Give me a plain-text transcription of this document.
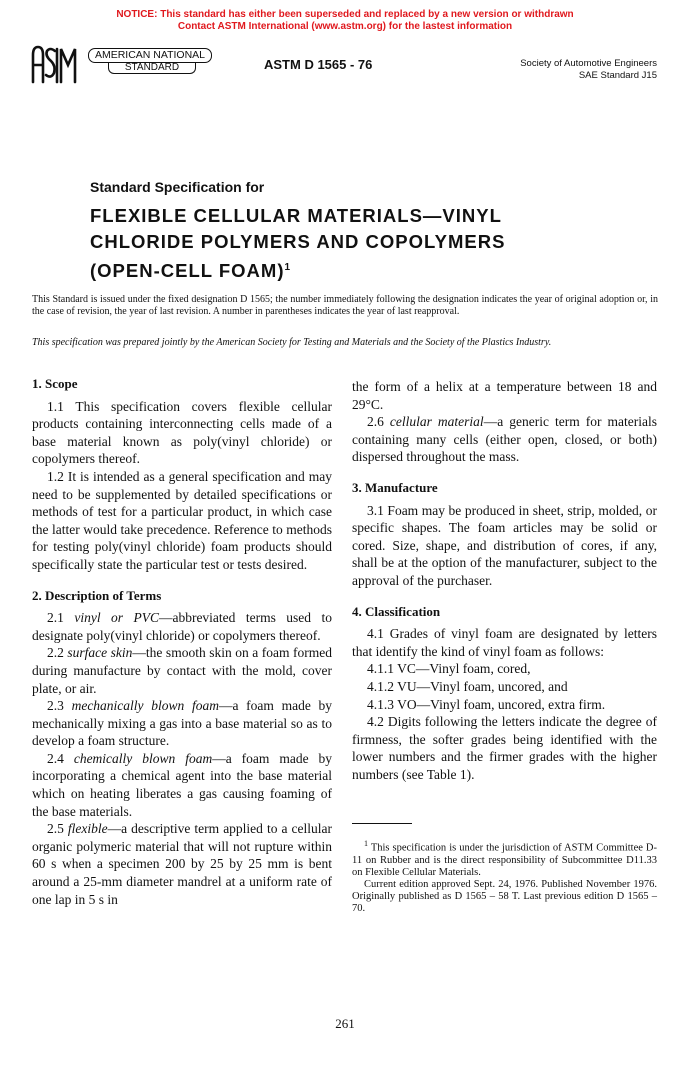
NOTICE: This standard has either been superseded and replaced by a new version or withdrawn
Contact ASTM International (www.astm.org) for the lastest information
AMERICAN NATIONAL
STANDARD	ASTM D 1565 - 76	Society of Automotive Engineers
SAE Standard J15
Standard Specification for
FLEXIBLE CELLULAR MATERIALS—VINYL
CHLORIDE POLYMERS AND COPOLYMERS
(OPEN-CELL FOAM)$^1$
This Standard is issued under the fixed designation D 1565; the number immediately following the designation indicates the year of original adoption or, in the case of revision, the year of last revision. A number in parentheses indicates the year of last reapproval.
This specification was prepared jointly by the American Society for Testing and Materials and the Society of the Plastics Industry.
1. Scope

1.1 This specification covers flexible cellular products containing interconnecting cells made of a base material known as poly(vinyl chloride) or copolymers thereof.

1.2 It is intended as a general specification and may need to be supplemented by detailed specifications or methods of test for a particular product, in which case the latter would take precedence. Reference to methods for testing poly(vinyl chloride) foam products should specifically state the particular test or tests desired.

2. Description of Terms

2.1 vinyl or PVC—abbreviated terms used to designate poly(vinyl chloride) or copolymers thereof.

2.2 surface skin—the smooth skin on a foam formed during manufacture by contact with the mold, cover plate, or air.

2.3 mechanically blown foam—a foam made by mechanically mixing a gas into a base material so as to develop a foam structure.

2.4 chemically blown foam—a foam made by incorporating a chemical agent into the base material which on heating liberates a gas causing foaming of the base materials.

2.5 flexible—a descriptive term applied to a cellular organic polymeric material that will not rupture within 60 s when a specimen 200 by 25 by 25 mm is bent around a 25-mm diameter mandrel at a uniform rate of one lap in 5 s in

the form of a helix at a temperature between 18 and 29°C.

2.6 cellular material—a generic term for materials containing many cells (either open, closed, or both) dispersed throughout the mass.

3. Manufacture

3.1 Foam may be produced in sheet, strip, molded, or specific shapes. The foam articles may be solid or cored. Size, shape, and distribution of cores, if any, shall be at the option of the manufacturer, subject to the approval of the purchaser.

4. Classification

4.1 Grades of vinyl foam are designated by letters that identify the kind of vinyl foam as follows:

4.1.1 VC—Vinyl foam, cored,

4.1.2 VU—Vinyl foam, uncored, and

4.1.3 VO—Vinyl foam, uncored, extra firm.

4.2 Digits following the letters indicate the degree of firmness, the softer grades being identified with the lower numbers and the firmer grades with the higher numbers (see Table 1).

$^1$ This specification is under the jurisdiction of ASTM Committee D-11 on Rubber and is the direct responsibility of Subcommittee D11.33 on Flexible Cellular Materials.

Current edition approved Sept. 24, 1976. Published November 1976. Originally published as D 1565 – 58 T. Last previous edition D 1565 – 70.

261
